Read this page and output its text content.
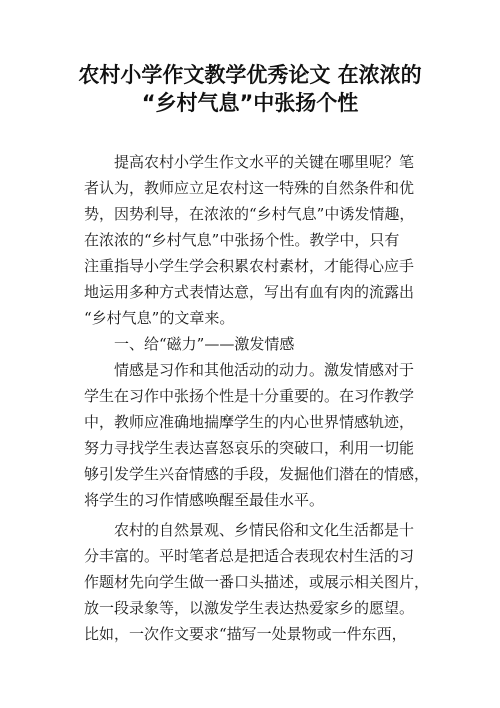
农村小学作文教学优秀论文 在浓浓的
“乡村气息”中张扬个性
提高农村小学生作文水平的关键在哪里呢？笔
者认为，教师应立足农村这一特殊的自然条件和优
势，因势利导，在浓浓的“乡村气息”中诱发情趣，
在浓浓的“乡村气息”中张扬个性。教学中，只有
注重指导小学生学会积累农村素材，才能得心应手
地运用多种方式表情达意，写出有血有肉的流露出
“乡村气息”的文章来。
一、给“磁力”——激发情感
情感是习作和其他活动的动力。激发情感对于
学生在习作中张扬个性是十分重要的。在习作教学
中，教师应准确地揣摩学生的内心世界情感轨迹，
努力寻找学生表达喜怒哀乐的突破口，利用一切能
够引发学生兴奋情感的手段，发掘他们潜在的情感，
将学生的习作情感唤醒至最佳水平。
农村的自然景观、乡情民俗和文化生活都是十
分丰富的。平时笔者总是把适合表现农村生活的习
作题材先向学生做一番口头描述，或展示相关图片，
放一段录象等，以激发学生表达热爱家乡的愿望。
比如，一次作文要求“描写一处景物或一件东西，
